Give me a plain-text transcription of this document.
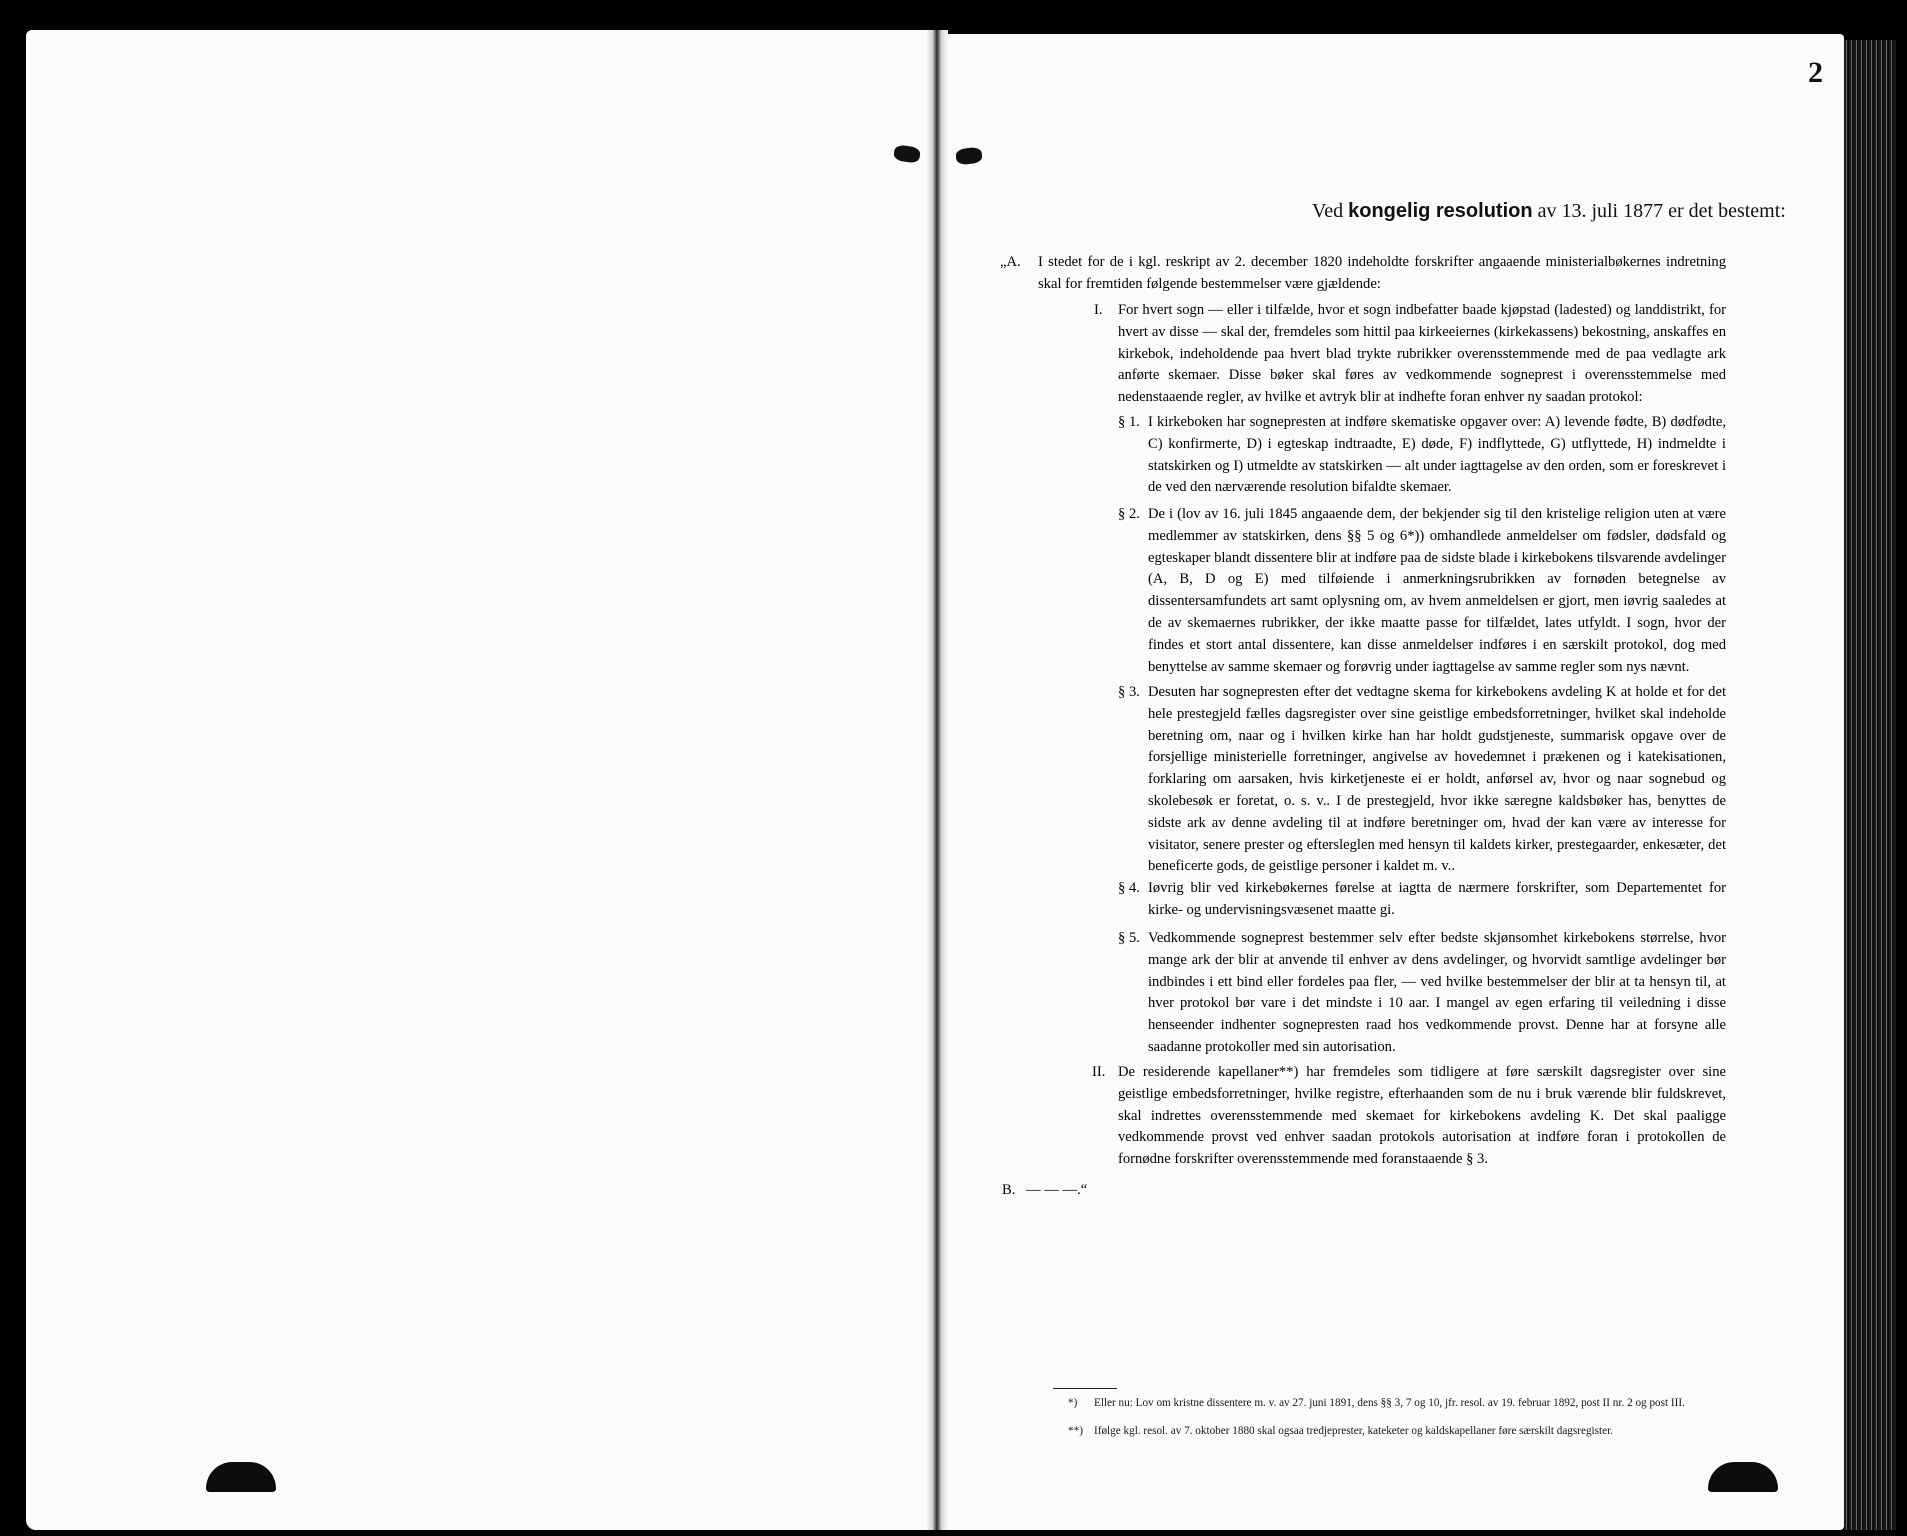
2
Ved kongelig resolution av 13. juli 1877 er det bestemt:
„A. I stedet for de i kgl. reskript av 2. december 1820 indeholdte forskrifter angaaende ministerialbøkernes indretning skal for fremtiden følgende bestemmelser være gjældende:
I. For hvert sogn — eller i tilfælde, hvor et sogn indbefatter baade kjøpstad (ladested) og landdistrikt, for hvert av disse — skal der, fremdeles som hittil paa kirkeeiernes (kirkekassens) bekostning, anskaffes en kirkebok, indeholdende paa hvert blad trykte rubrikker overensstemmende med de paa vedlagte ark anførte skemaer. Disse bøker skal føres av vedkommende sogneprest i overensstemmelse med nedenstaaende regler, av hvilke et avtryk blir at indhefte foran enhver ny saadan protokol:
§ 1. I kirkeboken har sognepresten at indføre skematiske opgaver over: A) levende fødte, B) dødfødte, C) konfirmerte, D) i egteskap indtraadte, E) døde, F) indflyttede, G) utflyttede, H) indmeldte i statskirken og I) utmeldte av statskirken — alt under iagttagelse av den orden, som er foreskrevet i de ved den nærværende resolution bifaldte skemaer.
§ 2. De i (lov av 16. juli 1845 angaaende dem, der bekjender sig til den kristelige religion uten at være medlemmer av statskirken, dens §§ 5 og 6*)) omhandlede anmeldelser om fødsler, dødsfald og egteskaper blandt dissentere blir at indføre paa de sidste blade i kirkebokens tilsvarende avdelinger (A, B, D og E) med tilføiende i anmerkningsrubrikken av fornøden betegnelse av dissentersamfundets art samt oplysning om, av hvem anmeldelsen er gjort, men iøvrig saaledes at de av skemaernes rubrikker, der ikke maatte passe for tilfældet, lates utfyldt. I sogn, hvor der findes et stort antal dissentere, kan disse anmeldelser indføres i en særskilt protokol, dog med benyttelse av samme skemaer og forøvrig under iagttagelse av samme regler som nys nævnt.
§ 3. Desuten har sognepresten efter det vedtagne skema for kirkebokens avdeling K at holde et for det hele prestegjeld fælles dagsregister over sine geistlige embedsforretninger, hvilket skal indeholde beretning om, naar og i hvilken kirke han har holdt gudstjeneste, summarisk opgave over de forsjellige ministerielle forretninger, angivelse av hovedemnet i prækenen og i katekisationen, forklaring om aarsaken, hvis kirketjeneste ei er holdt, anførsel av, hvor og naar sognebud og skolebesøk er foretat, o. s. v.. I de prestegjeld, hvor ikke særegne kaldsbøker has, benyttes de sidste ark av denne avdeling til at indføre beretninger om, hvad der kan være av interesse for visitator, senere prester og eftersleglen med hensyn til kaldets kirker, prestegaarder, enkesæter, det beneficerte gods, de geistlige personer i kaldet m. v..
§ 4. Iøvrig blir ved kirkebøkernes førelse at iagtta de nærmere forskrifter, som Departementet for kirke- og undervisningsvæsenet maatte gi.
§ 5. Vedkommende sogneprest bestemmer selv efter bedste skjønsomhet kirkebokens størrelse, hvor mange ark der blir at anvende til enhver av dens avdelinger, og hvorvidt samtlige avdelinger bør indbindes i ett bind eller fordeles paa fler, — ved hvilke bestemmelser der blir at ta hensyn til, at hver protokol bør vare i det mindste i 10 aar. I mangel av egen erfaring til veiledning i disse henseender indhenter sognepresten raad hos vedkommende provst. Denne har at forsyne alle saadanne protokoller med sin autorisation.
II. De residerende kapellaner**) har fremdeles som tidligere at føre særskilt dagsregister over sine geistlige embedsforretninger, hvilke registre, efterhaanden som de nu i bruk værende blir fuldskrevet, skal indrettes overensstemmende med skemaet for kirkebokens avdeling K. Det skal paaligge vedkommende provst ved enhver saadan protokols autorisation at indføre foran i protokollen de fornødne forskrifter overensstemmende med foranstaaende § 3.
B. — — —.“
*) Eller nu: Lov om kristne dissentere m. v. av 27. juni 1891, dens §§ 3, 7 og 10, jfr. resol. av 19. februar 1892, post II nr. 2 og post III.
**) Ifølge kgl. resol. av 7. oktober 1880 skal ogsaa tredjeprester, kateketer og kaldskapellaner føre særskilt dagsregister.
